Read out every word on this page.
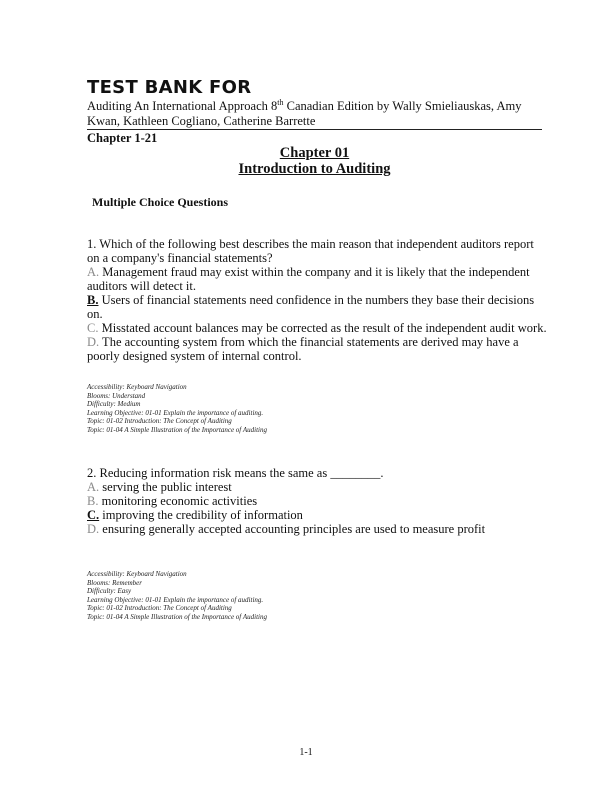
TEST BANK FOR
Auditing An International Approach 8th Canadian Edition by Wally Smieliauskas, Amy Kwan, Kathleen Cogliano, Catherine Barrette
Chapter 1-21
Chapter 01
Introduction to Auditing
Multiple Choice Questions
1. Which of the following best describes the main reason that independent auditors report on a company's financial statements?
A. Management fraud may exist within the company and it is likely that the independent auditors will detect it.
B. Users of financial statements need confidence in the numbers they base their decisions on.
C. Misstated account balances may be corrected as the result of the independent audit work.
D. The accounting system from which the financial statements are derived may have a poorly designed system of internal control.
Accessibility: Keyboard Navigation
Blooms: Understand
Difficulty: Medium
Learning Objective: 01-01 Explain the importance of auditing.
Topic: 01-02 Introduction: The Concept of Auditing
Topic: 01-04 A Simple Illustration of the Importance of Auditing
2. Reducing information risk means the same as ________.
A. serving the public interest
B. monitoring economic activities
C. improving the credibility of information
D. ensuring generally accepted accounting principles are used to measure profit
Accessibility: Keyboard Navigation
Blooms: Remember
Difficulty: Easy
Learning Objective: 01-01 Explain the importance of auditing.
Topic: 01-02 Introduction: The Concept of Auditing
Topic: 01-04 A Simple Illustration of the Importance of Auditing
1-1
